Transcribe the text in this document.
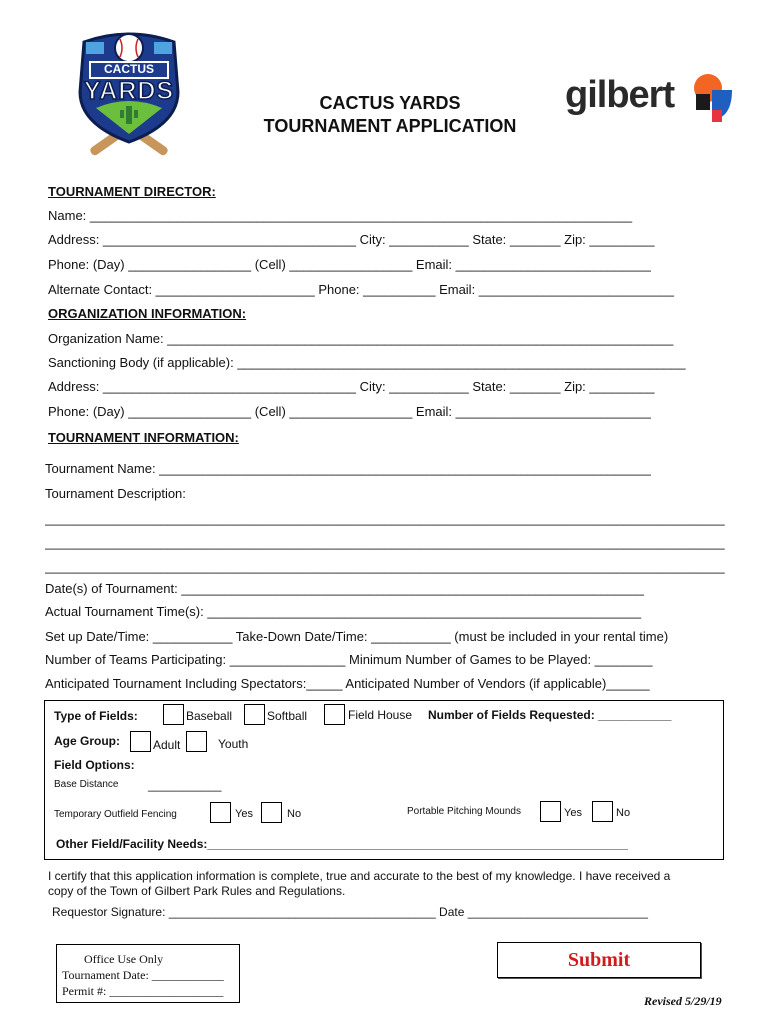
CACTUS
YARDS	CACTUS YARDS
TOURNAMENT APPLICATION
gilbert
TOURNAMENT DIRECTOR:
Name: ___________________________________________________________________________
Address: ___________________________________ City: ___________ State: _______ Zip: _________
Phone: (Day) _________________ (Cell) _________________ Email: ___________________________
Alternate Contact: ______________________ Phone: __________ Email: ___________________________
ORGANIZATION INFORMATION:
Organization Name: ______________________________________________________________________
Sanctioning Body (if applicable): ______________________________________________________________
Address: ___________________________________ City: ___________ State: _______ Zip: _________
Phone: (Day) _________________ (Cell) _________________ Email: ___________________________
TOURNAMENT INFORMATION:
Tournament Name: ____________________________________________________________________
Tournament Description:
______________________________________________________________________________________________
______________________________________________________________________________________________
______________________________________________________________________________________________
Date(s) of Tournament: ________________________________________________________________
Actual Tournament Time(s): ____________________________________________________________
Set up Date/Time: ___________ Take-Down Date/Time: ___________ (must be included in your rental time)
Number of Teams Participating: ________________ Minimum Number of Games to be Played: ________
Anticipated Tournament Including Spectators:_____ Anticipated Number of Vendors (if applicable)______
Type of Fields:	Baseball	Softball	Field House Number of Fields Requested: ___________
Age Group:	Adult	Youth
Field Options:
Base Distance ___________
Temporary Outfield Fencing	Yes	No	Portable Pitching Mounds	Yes	No
Other Field/Facility Needs:_______________________________________________________________
I certify that this application information is complete, true and accurate to the best of my knowledge. I have received a
copy of the Town of Gilbert Park Rules and Regulations.
Requestor Signature: ________________________________________ Date ___________________________
Office Use Only
Tournament Date: ____________
Permit #: ___________________
Submit
Revised 5/29/19
